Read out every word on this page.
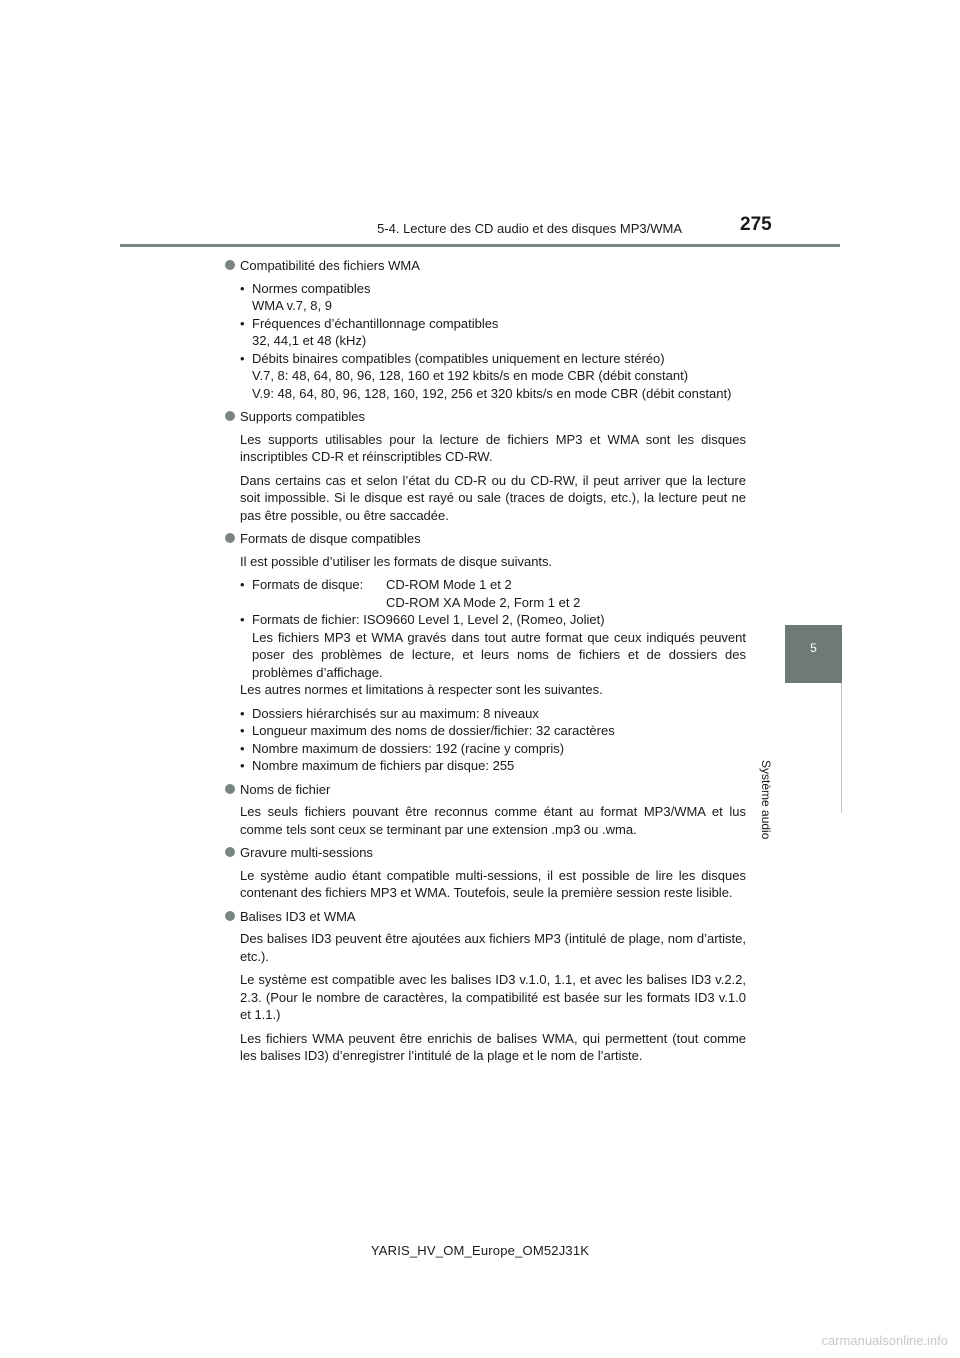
5-4. Lecture des CD audio et des disques MP3/WMA	275
5
Système audio
Compatibilité des fichiers WMA
• Normes compatibles
WMA v.7, 8, 9
• Fréquences d’échantillonnage compatibles
32, 44,1 et 48 (kHz)
• Débits binaires compatibles (compatibles uniquement en lecture stéréo)
V.7, 8: 48, 64, 80, 96, 128, 160 et 192 kbits/s en mode CBR (débit constant)
V.9: 48, 64, 80, 96, 128, 160, 192, 256 et 320 kbits/s en mode CBR (débit constant)
Supports compatibles

Les supports utilisables pour la lecture de fichiers MP3 et WMA sont les disques inscriptibles CD-R et réinscriptibles CD-RW.

Dans certains cas et selon l’état du CD-R ou du CD-RW, il peut arriver que la lecture soit impossible. Si le disque est rayé ou sale (traces de doigts, etc.), la lecture peut ne pas être possible, ou être saccadée.

Formats de disque compatibles

Il est possible d’utiliser les formats de disque suivants.

• Formats de disque:	CD-ROM Mode 1 et 2
CD-ROM XA Mode 2, Form 1 et 2
• Formats de fichier: ISO9660 Level 1, Level 2, (Romeo, Joliet)
Les fichiers MP3 et WMA gravés dans tout autre format que ceux indiqués peuvent poser des problèmes de lecture, et leurs noms de fichiers et de dossiers des problèmes d’affichage.

Les autres normes et limitations à respecter sont les suivantes.

• Dossiers hiérarchisés sur au maximum: 8 niveaux
• Longueur maximum des noms de dossier/fichier: 32 caractères
• Nombre maximum de dossiers: 192 (racine y compris)
• Nombre maximum de fichiers par disque: 255
Noms de fichier

Les seuls fichiers pouvant être reconnus comme étant au format MP3/WMA et lus comme tels sont ceux se terminant par une extension .mp3 ou .wma.

Gravure multi-sessions

Le système audio étant compatible multi-sessions, il est possible de lire les disques contenant des fichiers MP3 et WMA. Toutefois, seule la première session reste lisible.

Balises ID3 et WMA

Des balises ID3 peuvent être ajoutées aux fichiers MP3 (intitulé de plage, nom d’artiste, etc.).

Le système est compatible avec les balises ID3 v.1.0, 1.1, et avec les balises ID3 v.2.2, 2.3. (Pour le nombre de caractères, la compatibilité est basée sur les formats ID3 v.1.0 et 1.1.)

Les fichiers WMA peuvent être enrichis de balises WMA, qui permettent (tout comme les balises ID3) d’enregistrer l’intitulé de la plage et le nom de l’artiste.

YARIS_HV_OM_Europe_OM52J31K
carmanualsonline.info
